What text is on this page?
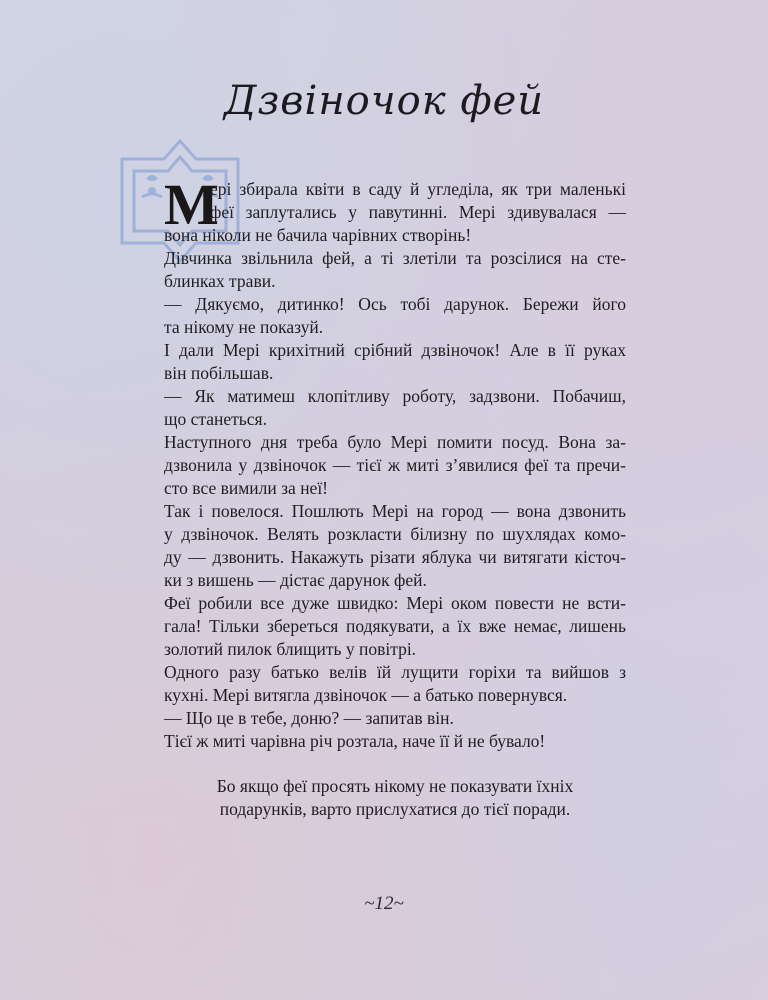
Дзвіночок фей
М
ері збирала квіти в саду й угледіла, як три маленькі
феї заплутались у павутинні. Мері здивувалася —
вона ніколи не бачила чарівних створінь!
Дівчинка звільнила фей, а ті злетіли та розсілися на сте-
блинках трави.
— Дякуємо, дитинко! Ось тобі дарунок. Бережи його
та нікому не показуй.
І дали Мері крихітний срібний дзвіночок! Але в її руках
він побільшав.
— Як матимеш клопітливу роботу, задзвони. Побачиш,
що станеться.
Наступного дня треба було Мері помити посуд. Вона за-
дзвонила у дзвіночок — тієї ж миті з’явилися феї та пречи-
сто все вимили за неї!
Так і повелося. Пошлють Мері на город — вона дзвонить
у дзвіночок. Велять розкласти білизну по шухлядах комо-
ду — дзвонить. Накажуть різати яблука чи витягати кісточ-
ки з вишень — дістає дарунок фей.
Феї робили все дуже швидко: Мері оком повести не всти-
гала! Тільки збереться подякувати, а їх вже немає, лишень
золотий пилок блищить у повітрі.
Одного разу батько велів їй лущити горіхи та вийшов з
кухні. Мері витягла дзвіночок — а батько повернувся.
— Що це в тебе, доню? — запитав він.
Тієї ж миті чарівна річ розтала, наче її й не бувало!
Бо якщо феї просять нікому не показувати їхніх
подарунків, варто прислухатися до тієї поради.
~12~
